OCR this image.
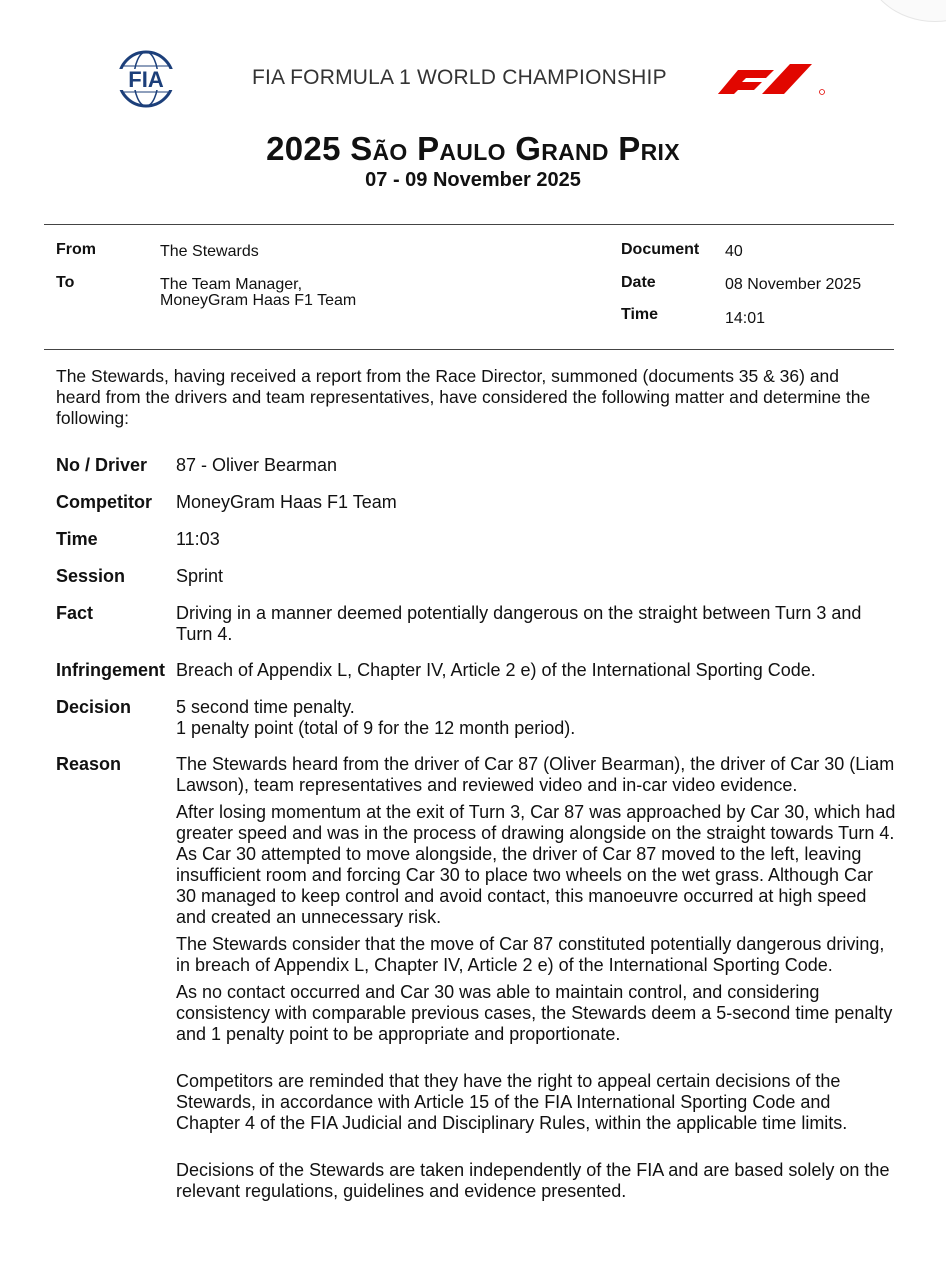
FIA	FIA FORMULA 1 WORLD CHAMPIONSHIP
2025 São Paulo Grand Prix
07 - 09 November 2025
From	The Stewards
To	The Team Manager,
MoneyGram Haas F1 Team
Document 40
Date	08 November 2025
Time	14:01
The Stewards, having received a report from the Race Director, summoned (documents 35 & 36) and heard from the drivers and team representatives, have considered the following matter and determine the following:
No / Driver 87 - Oliver Bearman
Competitor MoneyGram Haas F1 Team
Time	11:03
Session	Sprint
Fact	Driving in a manner deemed potentially dangerous on the straight between Turn 3 and Turn 4.
Infringement Breach of Appendix L, Chapter IV, Article 2 e) of the International Sporting Code.
Decision 5 second time penalty.
1 penalty point (total of 9 for the 12 month period).
Reason	The Stewards heard from the driver of Car 87 (Oliver Bearman), the driver of Car 30 (Liam Lawson), team representatives and reviewed video and in-car video evidence.

After losing momentum at the exit of Turn 3, Car 87 was approached by Car 30, which had greater speed and was in the process of drawing alongside on the straight towards Turn 4. As Car 30 attempted to move alongside, the driver of Car 87 moved to the left, leaving insufficient room and forcing Car 30 to place two wheels on the wet grass. Although Car 30 managed to keep control and avoid contact, this manoeuvre occurred at high speed and created an unnecessary risk.

The Stewards consider that the move of Car 87 constituted potentially dangerous driving, in breach of Appendix L, Chapter IV, Article 2 e) of the International Sporting Code.

As no contact occurred and Car 30 was able to maintain control, and considering consistency with comparable previous cases, the Stewards deem a 5-second time penalty and 1 penalty point to be appropriate and proportionate.

Competitors are reminded that they have the right to appeal certain decisions of the Stewards, in accordance with Article 15 of the FIA International Sporting Code and Chapter 4 of the FIA Judicial and Disciplinary Rules, within the applicable time limits.

Decisions of the Stewards are taken independently of the FIA and are based solely on the relevant regulations, guidelines and evidence presented.
